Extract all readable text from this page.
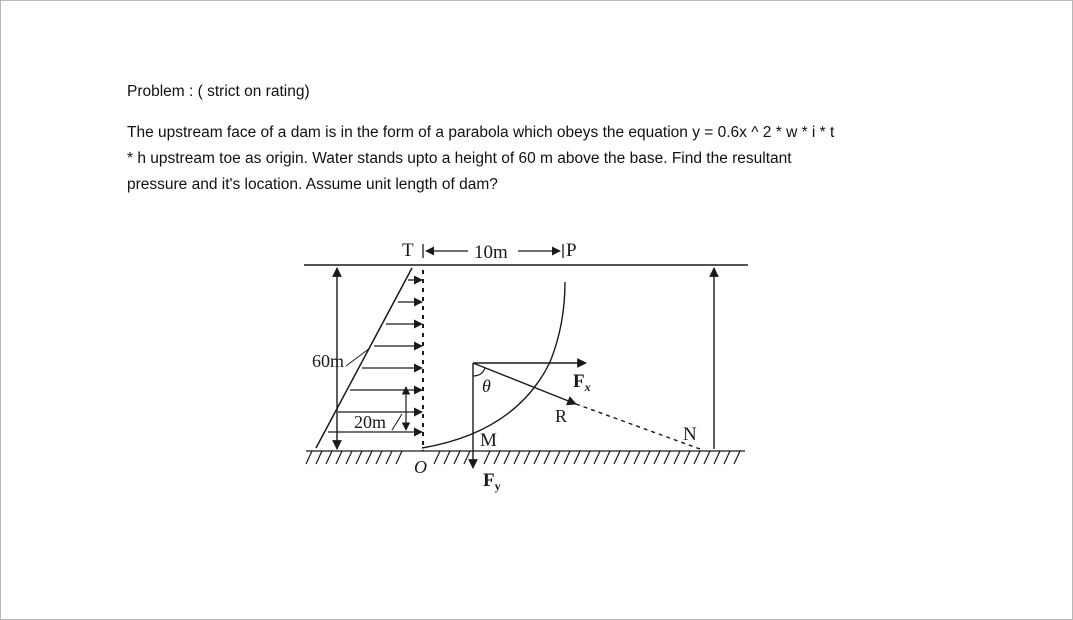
Problem : ( strict on rating)
The upstream face of a dam is in the form of a parabola which obeys the equation y = 0.6x ^ 2 * w * i * t
* h upstream toe as origin. Water stands upto a height of 60 m above the base. Find the resultant
pressure and it's location. Assume unit length of dam?
T	10m	P
60m
20m
O
θ
M
$F_x$
R
$F_y$
N
